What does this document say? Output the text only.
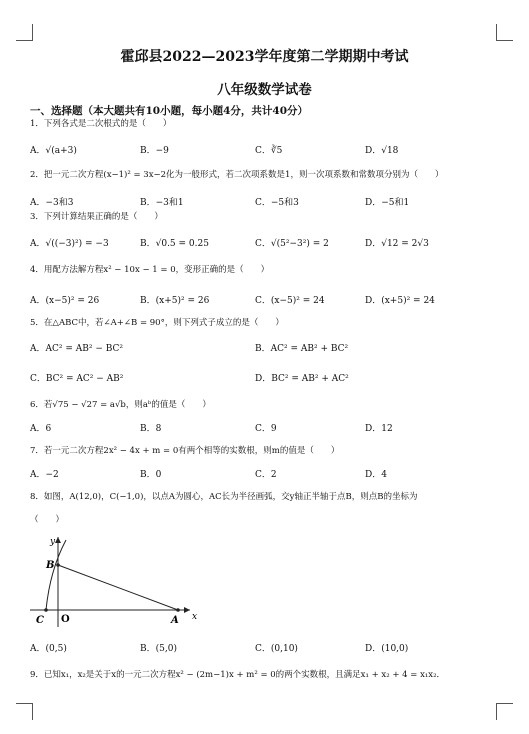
霍邱县2022—2023学年度第二学期期中考试
八年级数学试卷
一、选择题（本大题共有10小题，每小题4分，共计40分）
1．下列各式是二次根式的是（　　）
A．√(a+3)	B．−9	C．∛5	D．√18
2．把一元二次方程(x−1)² = 3x−2化为一般形式，若二次项系数是1，则一次项系数和常数项分别为（　　）
A．−3和3	B．−3和1	C．−5和3	D．−5和1
3．下列计算结果正确的是（　　）
A．√((−3)²) = −3	B．√0.5 = 0.25	C．√(5²−3²) = 2	D．√12 = 2√3
4．用配方法解方程x² − 10x − 1 = 0，变形正确的是（　　）
A．(x−5)² = 26	B．(x+5)² = 26	C．(x−5)² = 24	D．(x+5)² = 24
5．在△ABC中，若∠A+∠B = 90°，则下列式子成立的是（　　）
A．AC² = AB² − BC²	B．AC² = AB² + BC²
C．BC² = AC² − AB²	D．BC² = AB² + AC²
6．若√75 − √27 = a√b，则aᵇ的值是（　　）
A．6	B．8	C．9	D．12
7．若一元二次方程2x² − 4x + m = 0有两个相等的实数根，则m的值是（　　）
A．−2	B．0	C．2	D．4
8．如图，A(12,0)，C(−1,0)，以点A为圆心，AC长为半径画弧，交y轴正半轴于点B，则点B的坐标为
（　　）
y
x
B
C O	A
A．(0,5)	B．(5,0)	C．(0,10)	D．(10,0)
9．已知x₁，x₂是关于x的一元二次方程x² − (2m−1)x + m² = 0的两个实数根，且满足x₁ + x₂ + 4 = x₁x₂．
